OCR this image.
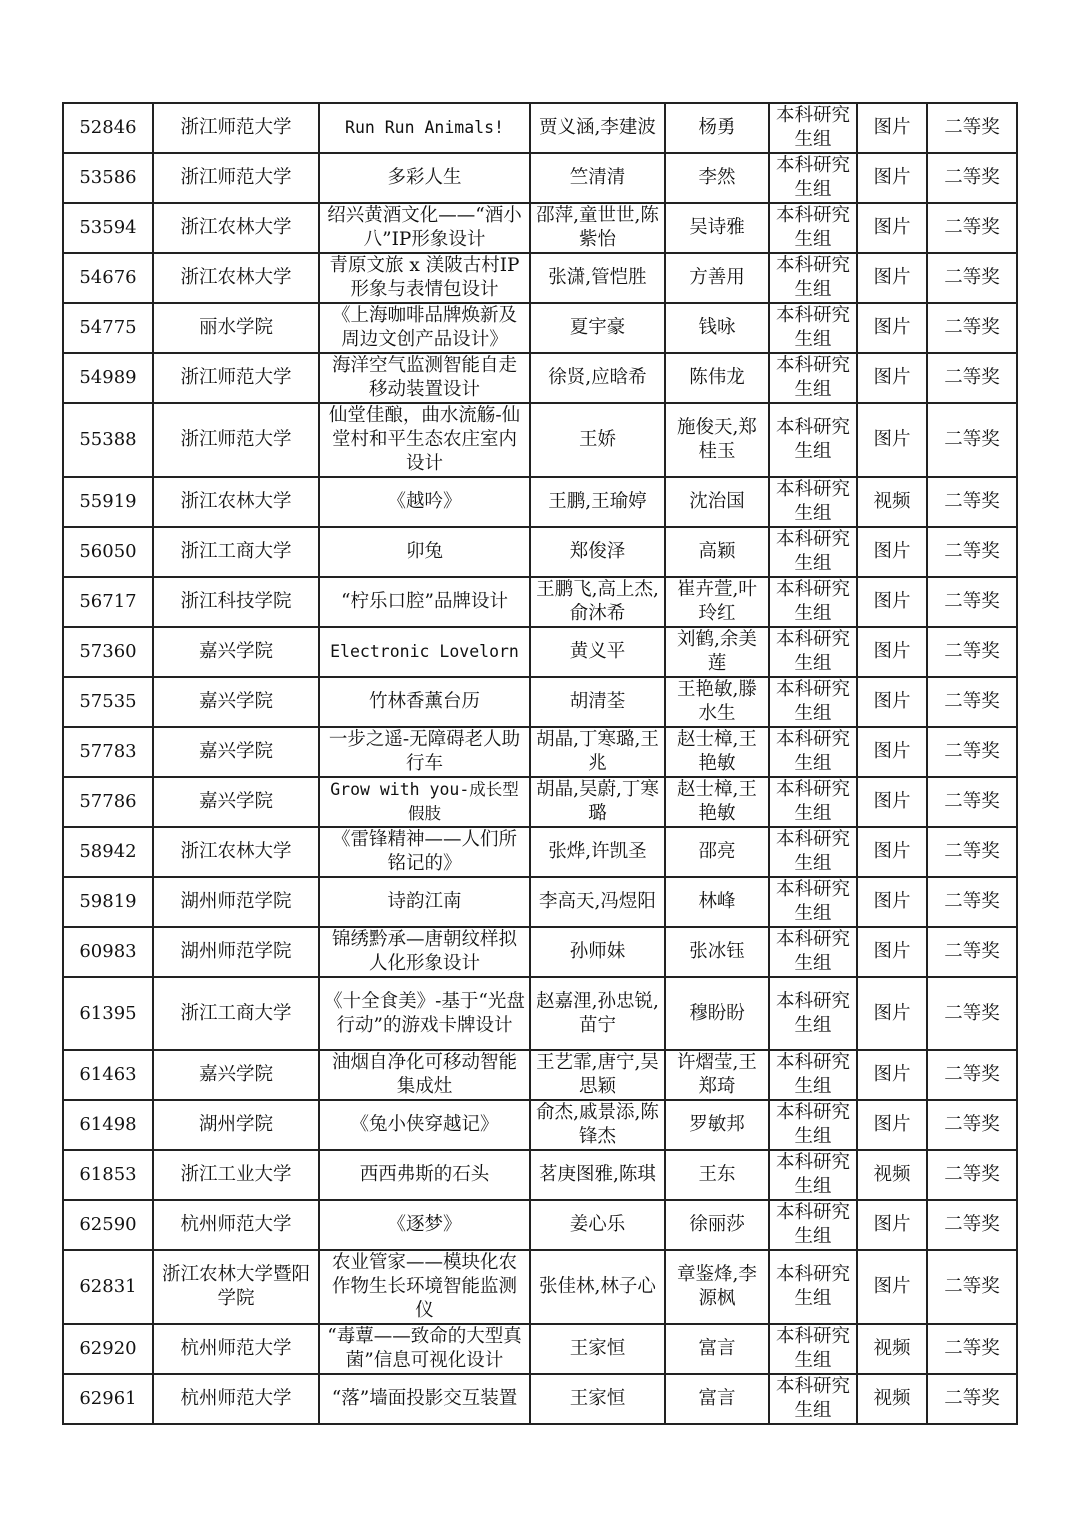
52846	浙江师范大学	Run Run Animals!	贾义涵,李建波	杨勇	本科研究生组	图片	二等奖
53586	浙江师范大学	多彩人生	竺清清	李然	本科研究生组	图片	二等奖
53594	浙江农林大学	绍兴黄酒文化——“酒小八”IP形象设计	邵萍,童世世,陈紫怡	吴诗雅	本科研究生组	图片	二等奖
54676	浙江农林大学	青原文旅 x 渼陂古村IP形象与表情包设计	张潇,管恺胜	方善用	本科研究生组	图片	二等奖
54775	丽水学院	《上海咖啡品牌焕新及周边文创产品设计》	夏宇豪	钱咏	本科研究生组	图片	二等奖
54989	浙江师范大学	海洋空气监测智能自走移动装置设计	徐贤,应晗希	陈伟龙	本科研究生组	图片	二等奖
55388	浙江师范大学	仙堂佳酿，曲水流觞-仙堂村和平生态农庄室内设计	王娇	施俊天,郑桂玉	本科研究生组	图片	二等奖
55919	浙江农林大学	《越吟》	王鹏,王瑜婷	沈治国	本科研究生组	视频	二等奖
56050	浙江工商大学	卯兔	郑俊泽	高颖	本科研究生组	图片	二等奖
56717	浙江科技学院	“柠乐口腔”品牌设计	王鹏飞,高上杰,俞沐希	崔卉萱,叶玲红	本科研究生组	图片	二等奖
57360	嘉兴学院	Electronic Lovelorn	黄义平	刘鹤,余美莲	本科研究生组	图片	二等奖
57535	嘉兴学院	竹林香薰台历	胡清荃	王艳敏,滕水生	本科研究生组	图片	二等奖
57783	嘉兴学院	一步之遥-无障碍老人助行车	胡晶,丁寒璐,王兆	赵士樟,王艳敏	本科研究生组	图片	二等奖
57786	嘉兴学院	Grow with you-成长型假肢	胡晶,吴蔚,丁寒璐	赵士樟,王艳敏	本科研究生组	图片	二等奖
58942	浙江农林大学	《雷锋精神——人们所铭记的》	张烨,许凯圣	邵亮	本科研究生组	图片	二等奖
59819	湖州师范学院	诗韵江南	李高天,冯煜阳	林峰	本科研究生组	图片	二等奖
60983	湖州师范学院	锦绣黔承—唐朝纹样拟人化形象设计	孙师妹	张冰钰	本科研究生组	图片	二等奖
61395	浙江工商大学	《十全食美》-基于“光盘行动”的游戏卡牌设计	赵嘉浬,孙忠锐,苗宁	穆盼盼	本科研究生组	图片	二等奖
61463	嘉兴学院	油烟自净化可移动智能集成灶	王艺霏,唐宁,吴思颖	许熠莹,王郑琦	本科研究生组	图片	二等奖
61498	湖州学院	《兔小侠穿越记》	俞杰,戚景添,陈锋杰	罗敏邦	本科研究生组	图片	二等奖
61853	浙江工业大学	西西弗斯的石头	茗庚图雅,陈琪	王东	本科研究生组	视频	二等奖
62590	杭州师范大学	《逐梦》	姜心乐	徐丽莎	本科研究生组	图片	二等奖
62831	浙江农林大学暨阳学院	农业管家——模块化农作物生长环境智能监测仪	张佳林,林子心	章鉴烽,李源枫	本科研究生组	图片	二等奖
62920	杭州师范大学	“毒蕈——致命的大型真菌”信息可视化设计	王家恒	富言	本科研究生组	视频	二等奖
62961	杭州师范大学	“落”墙面投影交互装置	王家恒	富言	本科研究生组	视频	二等奖
